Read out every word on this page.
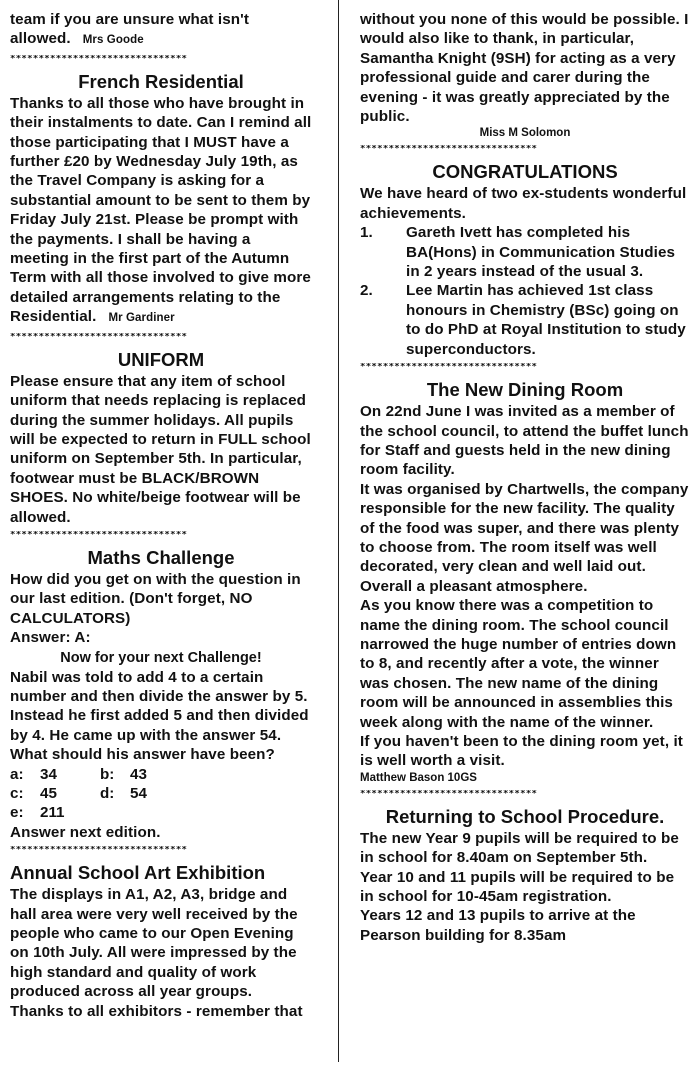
team if you are unsure what isn't allowed. Mrs Goode

*******************************
French Residential

Thanks to all those who have brought in their instalments to date. Can I remind all those participating that I MUST have a further £20 by Wednesday July 19th, as the Travel Company is asking for a substantial amount to be sent to them by Friday July 21st. Please be prompt with the payments. I shall be having a meeting in the first part of the Autumn Term with all those involved to give more detailed arrangements relating to the Residential. Mr Gardiner

*******************************
UNIFORM

Please ensure that any item of school uniform that needs replacing is replaced during the summer holidays. All pupils will be expected to return in FULL school uniform on September 5th. In particular, footwear must be BLACK/BROWN SHOES. No white/beige footwear will be allowed.

*******************************
Maths Challenge

How did you get on with the question in our last edition. (Don't forget, NO CALCULATORS)

Answer: A:

Now for your next Challenge!

Nabil was told to add 4 to a certain number and then divide the answer by 5. Instead he first added 5 and then divided by 4. He came up with the answer 54. What should his answer have been?

a:	34	b:	43
c:	45	d:	54
e:	211

Answer next edition.

*******************************
Annual School Art Exhibition

The displays in A1, A2, A3, bridge and hall area were very well received by the people who came to our Open Evening on 10th July. All were impressed by the high standard and quality of work produced across all year groups.

Thanks to all exhibitors - remember that

without you none of this would be possible. I would also like to thank, in particular, Samantha Knight (9SH) for acting as a very professional guide and carer during the evening - it was greatly appreciated by the public.

Miss M Solomon
*******************************
CONGRATULATIONS

We have heard of two ex-students wonderful achievements.

1.	Gareth Ivett has completed his BA(Hons) in Communication Studies in 2 years instead of the usual 3.

2.	Lee Martin has achieved 1st class honours in Chemistry (BSc) going on to do PhD at Royal Institution to study superconductors.

*******************************
The New Dining Room

On 22nd June I was invited as a member of the school council, to attend the buffet lunch for Staff and guests held in the new dining room facility.

It was organised by Chartwells, the company responsible for the new facility. The quality of the food was super, and there was plenty to choose from. The room itself was well decorated, very clean and well laid out.

Overall a pleasant atmosphere.

As you know there was a competition to name the dining room. The school council narrowed the huge number of entries down to 8, and recently after a vote, the winner was chosen. The new name of the dining room will be announced in assemblies this week along with the name of the winner.

If you haven't been to the dining room yet, it is well worth a visit.

Matthew Bason 10GS
*******************************
Returning to School Procedure.

The new Year 9 pupils will be required to be in school for 8.40am on September 5th.

Year 10 and 11 pupils will be required to be in school for 10-45am registration.

Years 12 and 13 pupils to arrive at the Pearson building for 8.35am
